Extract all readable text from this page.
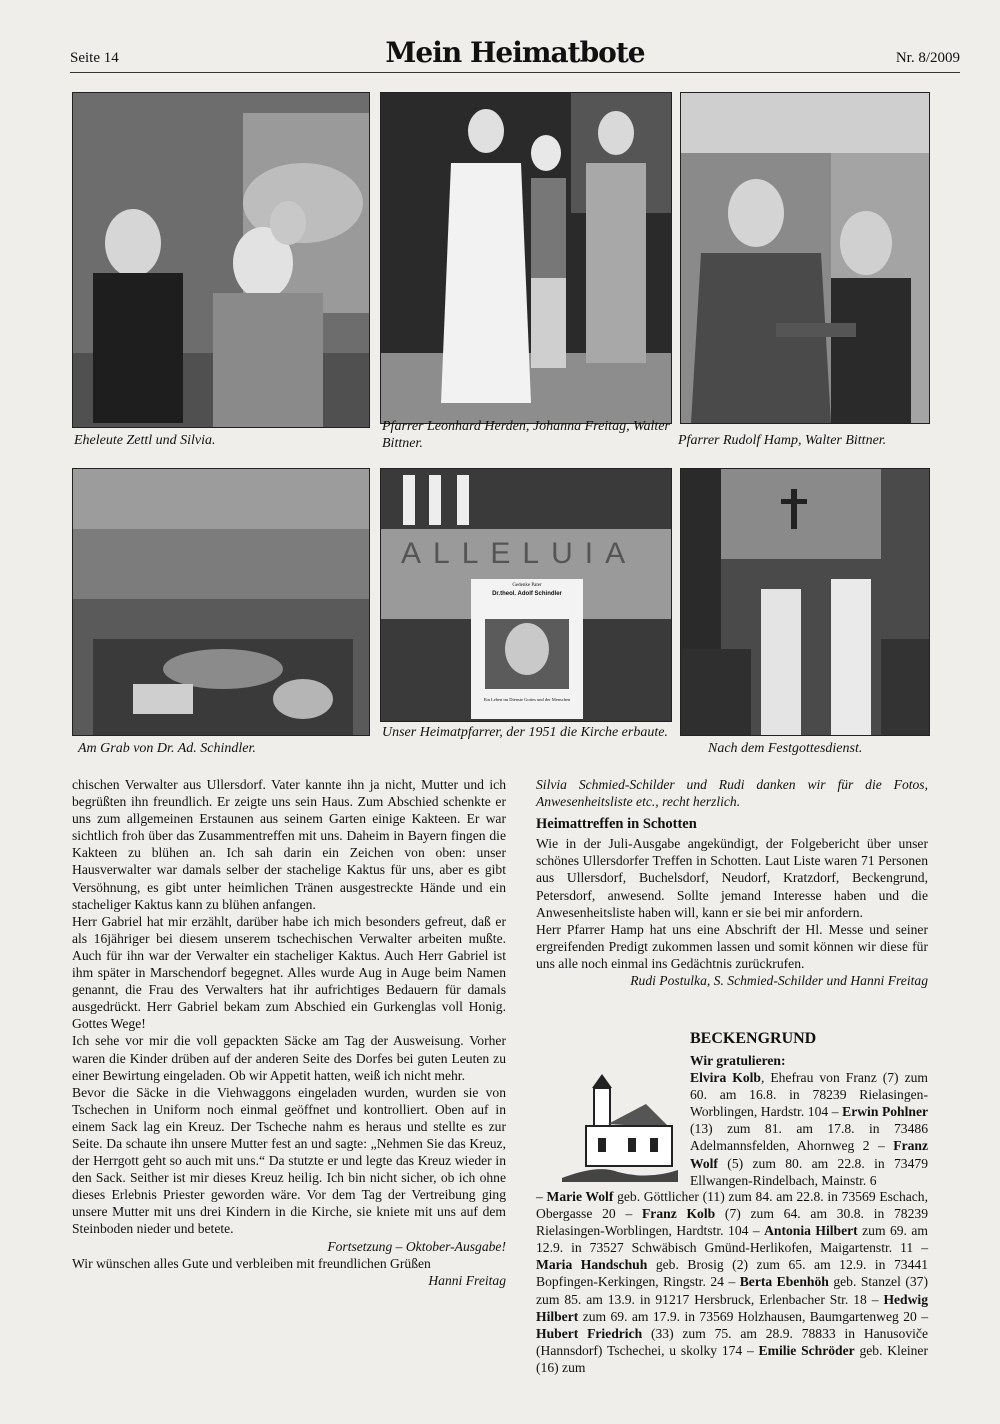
Seite 14	Mein Heimatbote	Nr. 8/2009
Eheleute Zettl und Silvia.
Pfarrer Leonhard Herden, Johanna Freitag, Walter Bittner.	Pfarrer Rudolf Hamp, Walter Bittner.
ALLELUIA
Gedenke Pater
Dr.theol. Adolf Schindler
Ein Leben im Dienste Gottes und der Menschen
Am Grab von Dr. Ad. Schindler.
Unser Heimatpfarrer, der 1951 die Kirche erbaute.
Nach dem Festgottesdienst.

chischen Verwalter aus Ullersdorf. Vater kannte ihn ja nicht, Mutter und ich begrüßten ihn freundlich. Er zeigte uns sein Haus. Zum Abschied schenkte er uns zum allgemeinen Erstaunen aus seinem Garten einige Kakteen. Er war sichtlich froh über das Zusammentreffen mit uns. Daheim in Bayern fingen die Kakteen zu blühen an. Ich sah darin ein Zeichen von oben: unser Hausverwalter war damals selber der stachelige Kaktus für uns, aber es gibt Versöhnung, es gibt unter heimlichen Tränen ausgestreckte Hände und ein stacheliger Kaktus kann zu blühen anfangen.

Herr Gabriel hat mir erzählt, darüber habe ich mich besonders gefreut, daß er als 16jähriger bei diesem unserem tschechischen Verwalter arbeiten mußte. Auch für ihn war der Verwalter ein stacheliger Kaktus. Auch Herr Gabriel ist ihm später in Marschendorf begegnet. Alles wurde Aug in Auge beim Namen genannt, die Frau des Verwalters hat ihr aufrichtiges Bedauern für damals ausgedrückt. Herr Gabriel bekam zum Abschied ein Gurkenglas voll Honig. Gottes Wege!

Ich sehe vor mir die voll gepackten Säcke am Tag der Ausweisung. Vorher waren die Kinder drüben auf der anderen Seite des Dorfes bei guten Leuten zu einer Bewirtung eingeladen. Ob wir Appetit hatten, weiß ich nicht mehr.

Bevor die Säcke in die Viehwaggons eingeladen wurden, wurden sie von Tschechen in Uniform noch einmal geöffnet und kontrolliert. Oben auf in einem Sack lag ein Kreuz. Der Tscheche nahm es heraus und stellte es zur Seite. Da schaute ihn unsere Mutter fest an und sagte: „Nehmen Sie das Kreuz, der Herrgott geht so auch mit uns.“ Da stutzte er und legte das Kreuz wieder in den Sack. Seither ist mir dieses Kreuz heilig. Ich bin nicht sicher, ob ich ohne dieses Erlebnis Priester geworden wäre. Vor dem Tag der Vertreibung ging unsere Mutter mit uns drei Kindern in die Kirche, sie kniete mit uns auf dem Steinboden nieder und betete.

Fortsetzung – Oktober-Ausgabe!

Wir wünschen alles Gute und verbleiben mit freundlichen Grüßen

Hanni Freitag

Silvia Schmied-Schilder und Rudi danken wir für die Fotos, Anwesenheitsliste etc., recht herzlich.

Heimattreffen in Schotten

Wie in der Juli-Ausgabe angekündigt, der Folgebericht über unser schönes Ullersdorfer Treffen in Schotten. Laut Liste waren 71 Personen aus Ullersdorf, Buchelsdorf, Neudorf, Kratzdorf, Beckengrund, Petersdorf, anwesend. Sollte jemand Interesse haben und die Anwesenheitsliste haben will, kann er sie bei mir anfordern.

Herr Pfarrer Hamp hat uns eine Abschrift der Hl. Messe und seiner ergreifenden Predigt zukommen lassen und somit können wir diese für uns alle noch einmal ins Gedächtnis zurückrufen.

Rudi Postulka, S. Schmied-Schilder und Hanni Freitag

BECKENGRUND

Wir gratulieren:

Elvira Kolb, Ehefrau von Franz (7) zum 60. am 16.8. in 78239 Rielasingen-Worblingen, Hardstr. 104 – Erwin Pohlner (13) zum 81. am 17.8. in 73486 Adelmannsfelden, Ahornweg 2 – Franz Wolf (5) zum 80. am 22.8. in 73479 Ellwangen-Rindelbach, Mainstr. 6

– Marie Wolf geb. Göttlicher (11) zum 84. am 22.8. in 73569 Eschach, Obergasse 20 – Franz Kolb (7) zum 64. am 30.8. in 78239 Rielasingen-Worblingen, Hardtstr. 104 – Antonia Hilbert zum 69. am 12.9. in 73527 Schwäbisch Gmünd-Herlikofen, Maigartenstr. 11 – Maria Handschuh geb. Brosig (2) zum 65. am 12.9. in 73441 Bopfingen-Kerkingen, Ringstr. 24 – Berta Ebenhöh geb. Stanzel (37) zum 85. am 13.9. in 91217 Hersbruck, Erlenbacher Str. 18 – Hedwig Hilbert zum 69. am 17.9. in 73569 Holzhausen, Baumgartenweg 20 – Hubert Friedrich (33) zum 75. am 28.9. 78833 in Hanusoviče (Hannsdorf) Tschechei, u skolky 174 – Emilie Schröder geb. Kleiner (16) zum
